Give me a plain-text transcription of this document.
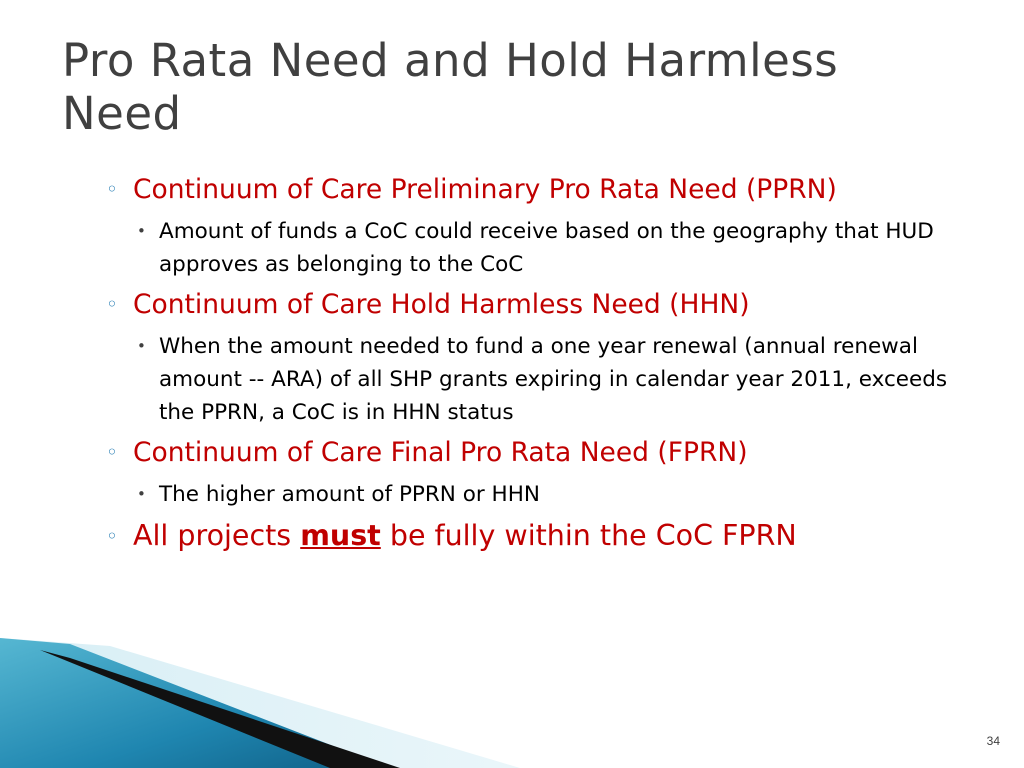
Pro Rata Need and Hold Harmless Need
◦ Continuum of Care Preliminary Pro Rata Need (PPRN)
• Amount of funds a CoC could receive based on the geography that HUD approves as belonging to the CoC
◦ Continuum of Care Hold Harmless Need (HHN)
• When the amount needed to fund a one year renewal (annual renewal amount -- ARA) of all SHP grants expiring in calendar year 2011, exceeds the PPRN, a CoC is in HHN status
◦ Continuum of Care Final Pro Rata Need (FPRN)
• The higher amount of PPRN or HHN
◦ All projects must be fully within the CoC FPRN
34
